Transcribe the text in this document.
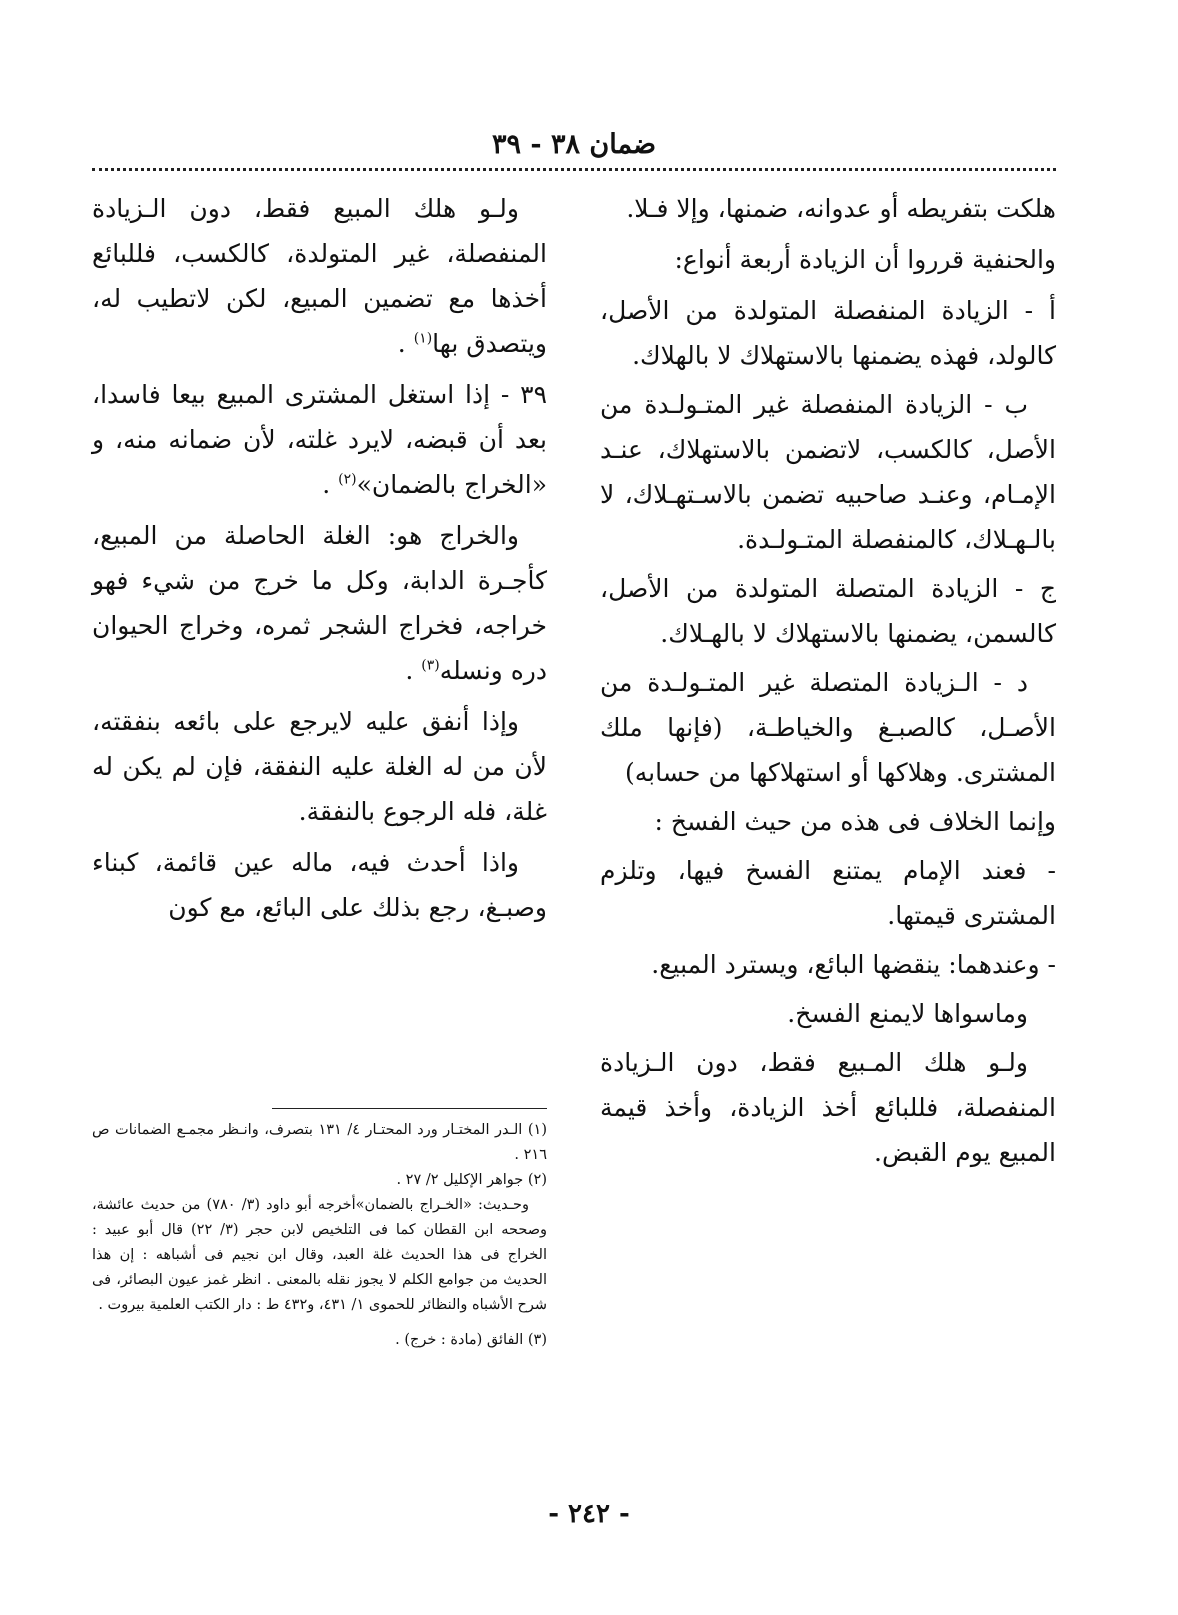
ضمان ٣٨ - ٣٩

هلكت بتفريطه أو عدوانه، ضمنها، وإلا فـلا.

والحنفية قرروا أن الزيادة أربعة أنواع:

أ - الزيادة المنفصلة المتولدة من الأصل، كالولد، فهذه يضمنها بالاستهلاك لا بالهلاك.

ب - الزيادة المنفصلة غير المتـولـدة من الأصل، كالكسب، لاتضمن بالاستهلاك، عنـد الإمـام، وعنـد صاحبيه تضمن بالاسـتهـلاك، لا بالـهـلاك، كالمنفصلة المتـولـدة.

ج - الزيادة المتصلة المتولدة من الأصل، كالسمن، يضمنها بالاستهلاك لا بالهـلاك.

د - الـزيادة المتصلة غير المتـولـدة من الأصـل، كالصبـغ والخياطـة، (فإنها ملك المشترى. وهلاكها أو استهلاكها من حسابه)

وإنما الخلاف فى هذه من حيث الفسخ :

- فعند الإمام يمتنع الفسخ فيها، وتلزم المشترى قيمتها.

- وعندهما: ينقضها البائع، ويسترد المبيع.

وماسواها لايمنع الفسخ.

ولـو هلك المـبيع فقط، دون الـزيادة المنفصلة، فللبائع أخذ الزيادة، وأخذ قيمة المبيع يوم القبض.

ولـو هلك المبيع فقط، دون الـزيادة المنفصلة، غير المتولدة، كالكسب، فللبائع أخذها مع تضمين المبيع، لكن لاتطيب له، ويتصدق بها$^{(١)}$ .

٣٩ - إذا استغل المشترى المبيع بيعا فاسدا، بعد أن قبضه، لايرد غلته، لأن ضمانه منه، و «الخراج بالضمان»$^{(٢)}$ .

والخراج هو: الغلة الحاصلة من المبيع، كأجـرة الدابة، وكل ما خرج من شيء فهو خراجه، فخراج الشجر ثمره، وخراج الحيوان دره ونسله$^{(٣)}$ .

وإذا أنفق عليه لايرجع على بائعه بنفقته، لأن من له الغلة عليه النفقة، فإن لم يكن له غلة، فله الرجوع بالنفقة.

واذا أحدث فيه، ماله عين قائمة، كبناء وصبـغ، رجع بذلك على البائع، مع كون

(١) الـدر المختـار ورد المحتـار ٤/ ١٣١ بتصرف، وانـظر مجمـع الضمانات ص ٢١٦ .

(٢) جواهر الإكليل ٢/ ٢٧ .

وحـديث: «الخـراج بالضمان»أخرجه أبو داود (٣/ ٧٨٠) من حديث عائشة، وصححه ابن القطان كما فى التلخيص لابن حجر (٣/ ٢٢) قال أبو عبيد : الخراج فى هذا الحديث غلة العبد، وقال ابن نجيم فى أشباهه : إن هذا الحديث من جوامع الكلم لا يجوز نقله بالمعنى . انظر غمز عيون البصائر، فى شرح الأشباه والنظائر للحموى ١/ ٤٣١، و٤٣٢ ط : دار الكتب العلمية بيروت .

(٣) الفائق (مادة : خرج) .

- ٢٤٢ -
